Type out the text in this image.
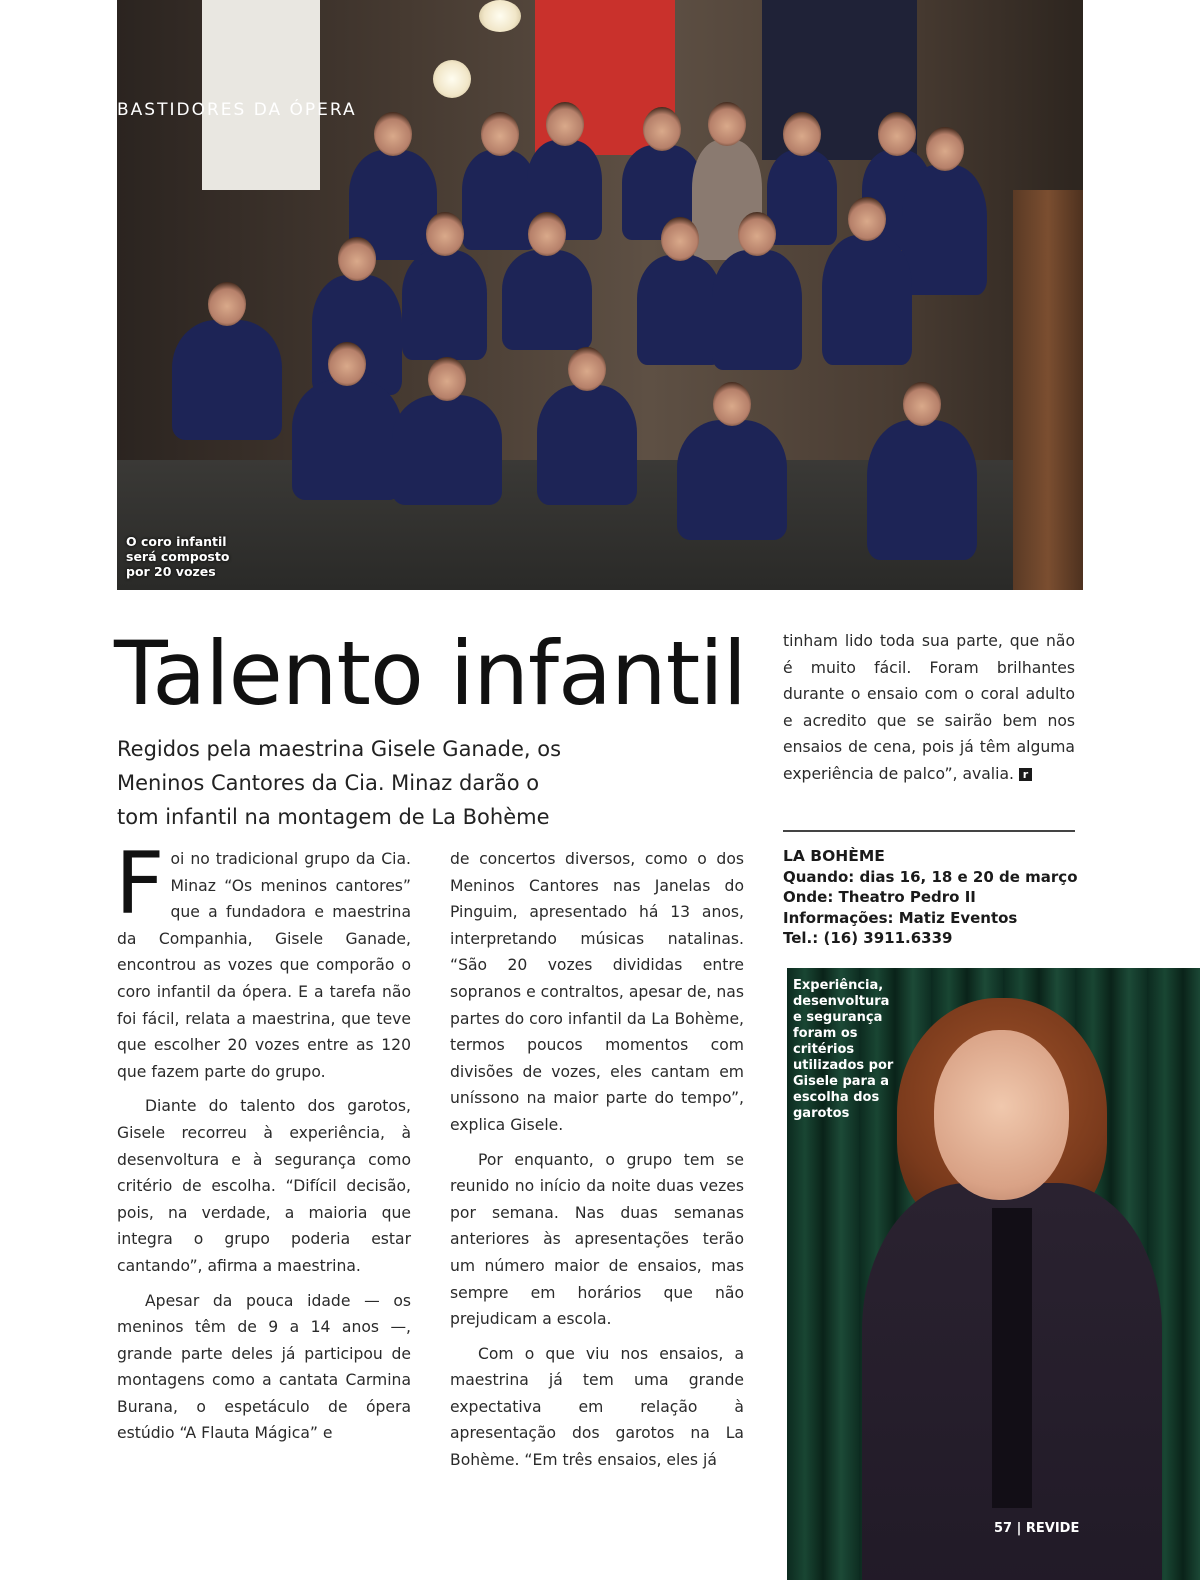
BASTIDORES DA ÓPERA
O coro infantil
será composto
por 20 vozes
Talento infantil
Regidos pela maestrina Gisele Ganade, os
Meninos Cantores da Cia. Minaz darão o
tom infantil na montagem de La Bohème

Foi no tradicional grupo da Cia. Minaz “Os meninos cantores” que a fundadora e maestrina da Companhia, Gisele Ganade, encontrou as vozes que comporão o coro infantil da ópera. E a tarefa não foi fácil, relata a maestrina, que teve que escolher 20 vozes entre as 120 que fazem parte do grupo.

Diante do talento dos garotos, Gisele recorreu à experiência, à desenvoltura e à segurança como critério de escolha. “Difícil decisão, pois, na verdade, a maioria que integra o grupo poderia estar cantando”, afirma a maestrina.

Apesar da pouca idade — os meninos têm de 9 a 14 anos —, grande parte deles já participou de montagens como a cantata Carmina Burana, o espetáculo de ópera estúdio “A Flauta Mágica” e

de concertos diversos, como o dos Meninos Cantores nas Janelas do Pinguim, apresentado há 13 anos, interpretando músicas natalinas. “São 20 vozes divididas entre sopranos e contraltos, apesar de, nas partes do coro infantil da La Bohème, termos poucos momentos com divisões de vozes, eles cantam em uníssono na maior parte do tempo”, explica Gisele.

Por enquanto, o grupo tem se reunido no início da noite duas vezes por semana. Nas duas semanas anteriores às apresentações terão um número maior de ensaios, mas sempre em horários que não prejudicam a escola.

Com o que viu nos ensaios, a maestrina já tem uma grande expectativa em relação à apresentação dos garotos na La Bohème. “Em três ensaios, eles já

tinham lido toda sua parte, que não é muito fácil. Foram brilhantes durante o ensaio com o coral adulto e acredito que se sairão bem nos ensaios de cena, pois já têm alguma experiência de palco”, avalia. r

LA BOHÈME
Quando: dias 16, 18 e 20 de março
Onde: Theatro Pedro II
Informações: Matiz Eventos
Tel.: (16) 3911.6339
Experiência,
desenvoltura
e segurança
foram os
critérios
utilizados por
Gisele para a
escolha dos
garotos
57 | REVIDE
